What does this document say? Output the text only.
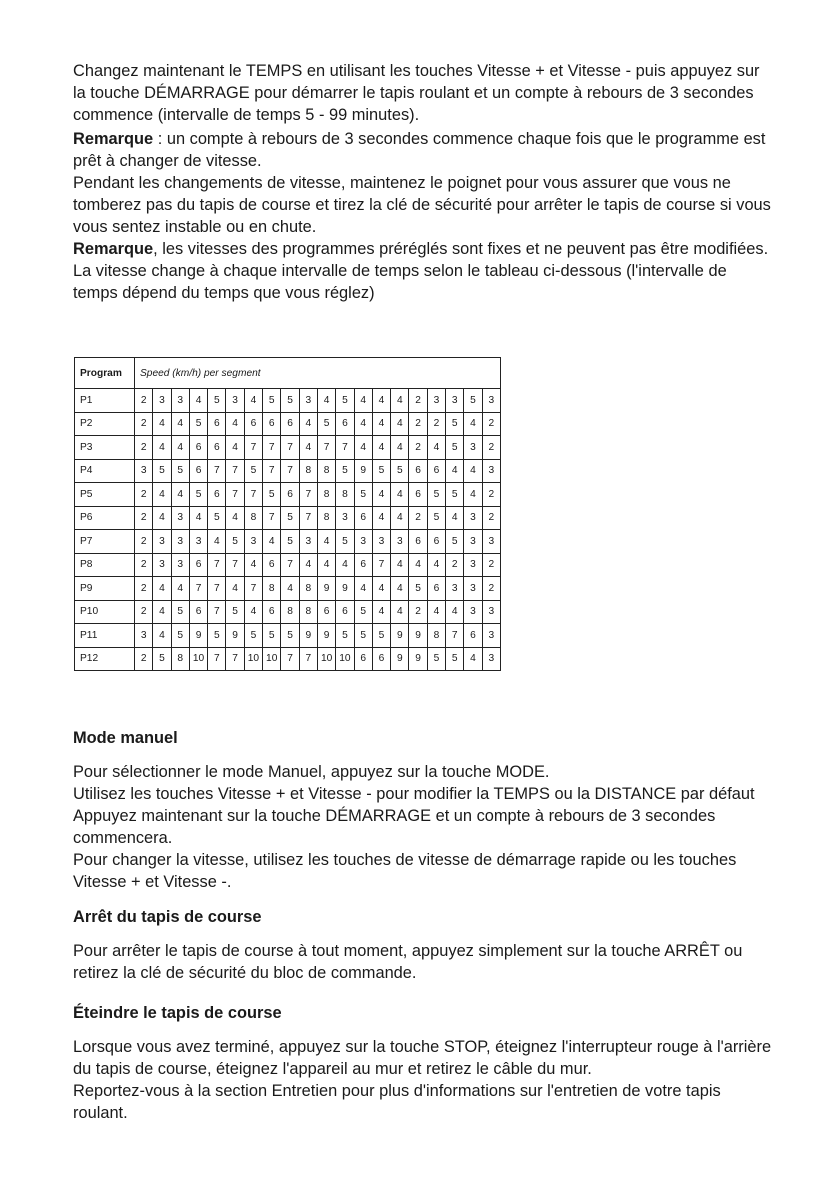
Changez maintenant le TEMPS en utilisant les touches Vitesse + et Vitesse - puis appuyez sur la touche DÉMARRAGE pour démarrer le tapis roulant et un compte à rebours de 3 secondes commence (intervalle de temps 5 - 99 minutes).

Remarque : un compte à rebours de 3 secondes commence chaque fois que le programme est prêt à changer de vitesse.

Pendant les changements de vitesse, maintenez le poignet pour vous assurer que vous ne tomberez pas du tapis de course et tirez la clé de sécurité pour arrêter le tapis de course si vous vous sentez instable ou en chute.

Remarque, les vitesses des programmes préréglés sont fixes et ne peuvent pas être modifiées.

La vitesse change à chaque intervalle de temps selon le tableau ci-dessous (l'intervalle de temps dépend du temps que vous réglez)

Program	Speed (km/h) per segment																			
P1	2	3	3	4	5	3	4	5	5	3	4	5	4	4	4	2	3	3	5	3
P2	2	4	4	5	6	4	6	6	6	4	5	6	4	4	4	2	2	5	4	2
P3	2	4	4	6	6	4	7	7	7	4	7	7	4	4	4	2	4	5	3	2
P4	3	5	5	6	7	7	5	7	7	8	8	5	9	5	5	6	6	4	4	3
P5	2	4	4	5	6	7	7	5	6	7	8	8	5	4	4	6	5	5	4	2
P6	2	4	3	4	5	4	8	7	5	7	8	3	6	4	4	2	5	4	3	2
P7	2	3	3	3	4	5	3	4	5	3	4	5	3	3	3	6	6	5	3	3
P8	2	3	3	6	7	7	4	6	7	4	4	4	6	7	4	4	4	2	3	2
P9	2	4	4	7	7	4	7	8	4	8	9	9	4	4	4	5	6	3	3	2
P10	2	4	5	6	7	5	4	6	8	8	6	6	5	4	4	2	4	4	3	3
P11	3	4	5	9	5	9	5	5	5	9	9	5	5	5	9	9	8	7	6	3
P12	2	5	8	10	7	7	10	10	7	7	10	10	6	6	9	9	5	5	4	3
Mode manuel

Pour sélectionner le mode Manuel, appuyez sur la touche MODE.

Utilisez les touches Vitesse + et Vitesse - pour modifier la TEMPS ou la DISTANCE par défaut

Appuyez maintenant sur la touche DÉMARRAGE et un compte à rebours de 3 secondes commencera.

Pour changer la vitesse, utilisez les touches de vitesse de démarrage rapide ou les touches Vitesse + et Vitesse -.

Arrêt du tapis de course

Pour arrêter le tapis de course à tout moment, appuyez simplement sur la touche ARRÊT ou retirez la clé de sécurité du bloc de commande.

Éteindre le tapis de course

Lorsque vous avez terminé, appuyez sur la touche STOP, éteignez l'interrupteur rouge à l'arrière du tapis de course, éteignez l'appareil au mur et retirez le câble du mur.

Reportez-vous à la section Entretien pour plus d'informations sur l'entretien de votre tapis roulant.
